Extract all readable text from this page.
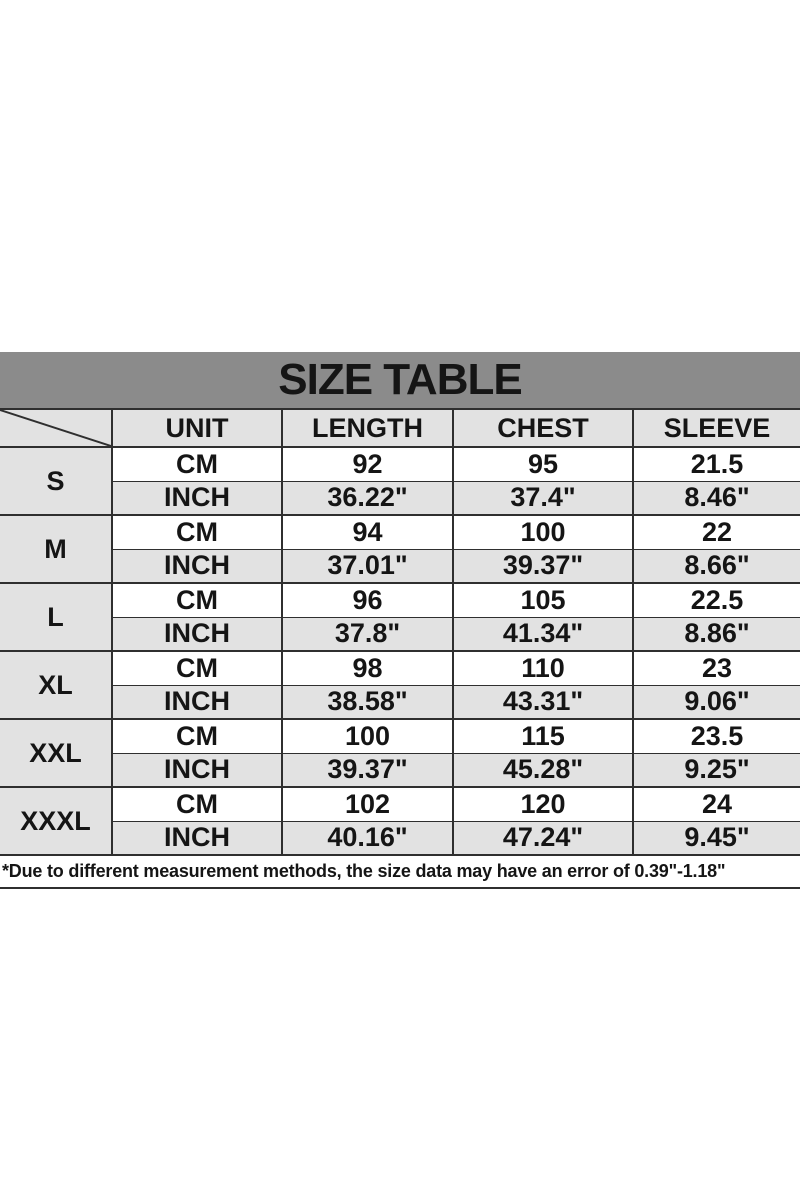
SIZE TABLE
	UNIT	LENGTH	CHEST	SLEEVE
S	CM	92	95	21.5
	INCH	36.22"	37.4"	8.46"
M	CM	94	100	22
	INCH	37.01"	39.37"	8.66"
L	CM	96	105	22.5
	INCH	37.8"	41.34"	8.86"
XL	CM	98	110	23
	INCH	38.58"	43.31"	9.06"
XXL	CM	100	115	23.5
	INCH	39.37"	45.28"	9.25"
XXXL	CM	102	120	24
	INCH	40.16"	47.24"	9.45"
*Due to different measurement methods, the size data may have an error of 0.39"-1.18"
